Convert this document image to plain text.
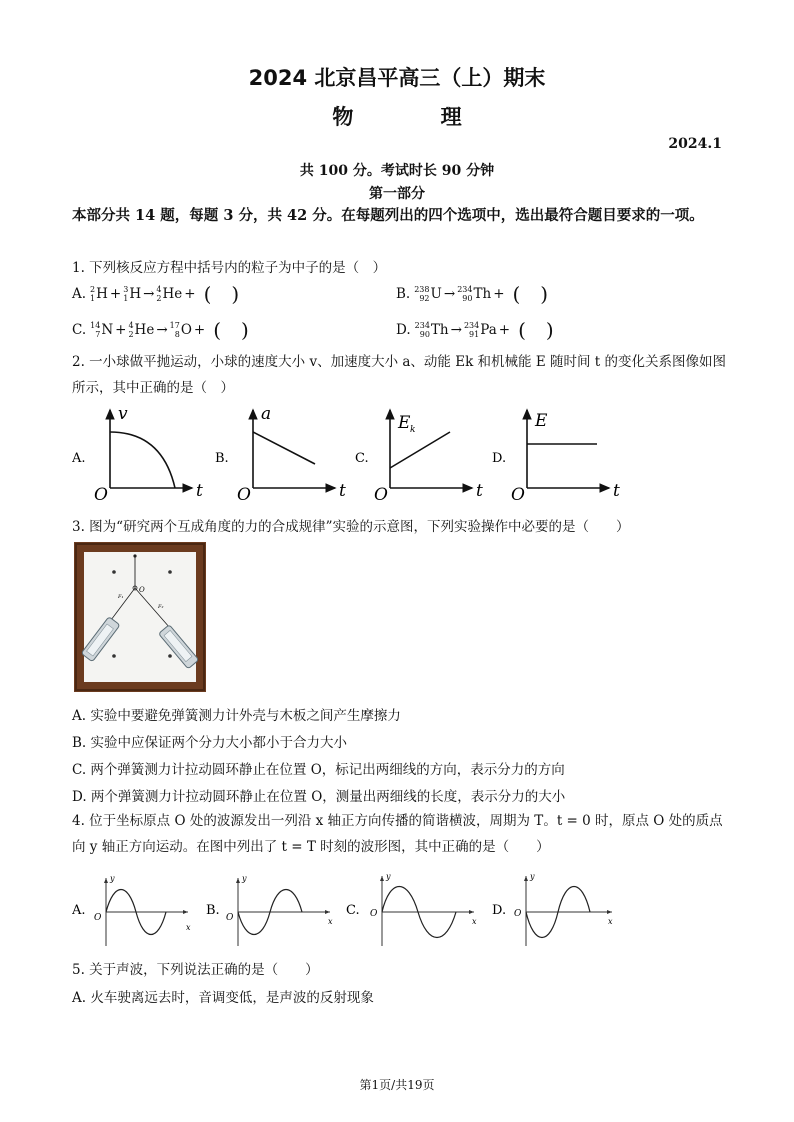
2024 北京昌平高三（上）期末
物 理
2024.1
共 100 分。考试时长 90 分钟
第一部分
本部分共 14 题，每题 3 分，共 42 分。在每题列出的四个选项中，选出最符合题目要求的一项。
1. 下列核反应方程中括号内的粒子为中子的是（　）
A. 2
1 H + 3
1 H → 4
2 He + ( )	B. 238
92 U → 234
90 Th + ( )
C. 14
7 N + 4
2 He → 17
8 O + ( )	D. 234
90 Th → 234
91 Pa + ( )
2. 一小球做平抛运动，小球的速度大小 v、加速度大小 a、动能 Ek 和机械能 E 随时间 t 的变化关系图像如图所示，其中正确的是（　）
A.
v
t
O
B.
a
t
O
C.
E k
t
O
D.
E
t
O
3. 图为“研究两个互成角度的力的合成规律”实验的示意图，下列实验操作中必要的是（　　）
O
F₁
F₂
A. 实验中要避免弹簧测力计外壳与木板之间产生摩擦力
B. 实验中应保证两个分力大小都小于合力大小
C. 两个弹簧测力计拉动圆环静止在位置 O，标记出两细线的方向，表示分力的方向
D. 两个弹簧测力计拉动圆环静止在位置 O，测量出两细线的长度，表示分力的大小
4. 位于坐标原点 O 处的波源发出一列沿 x 轴正方向传播的简谐横波，周期为 T。t = 0 时，原点 O 处的质点向 y 轴正方向运动。在图中列出了 t = T 时刻的波形图，其中正确的是（　　）
A.
y
x
O	B.
y
x
O	C.
y
x
O	D.
y
x
O
5. 关于声波，下列说法正确的是（　　）
A. 火车驶离远去时，音调变低，是声波的反射现象
第1页/共19页
